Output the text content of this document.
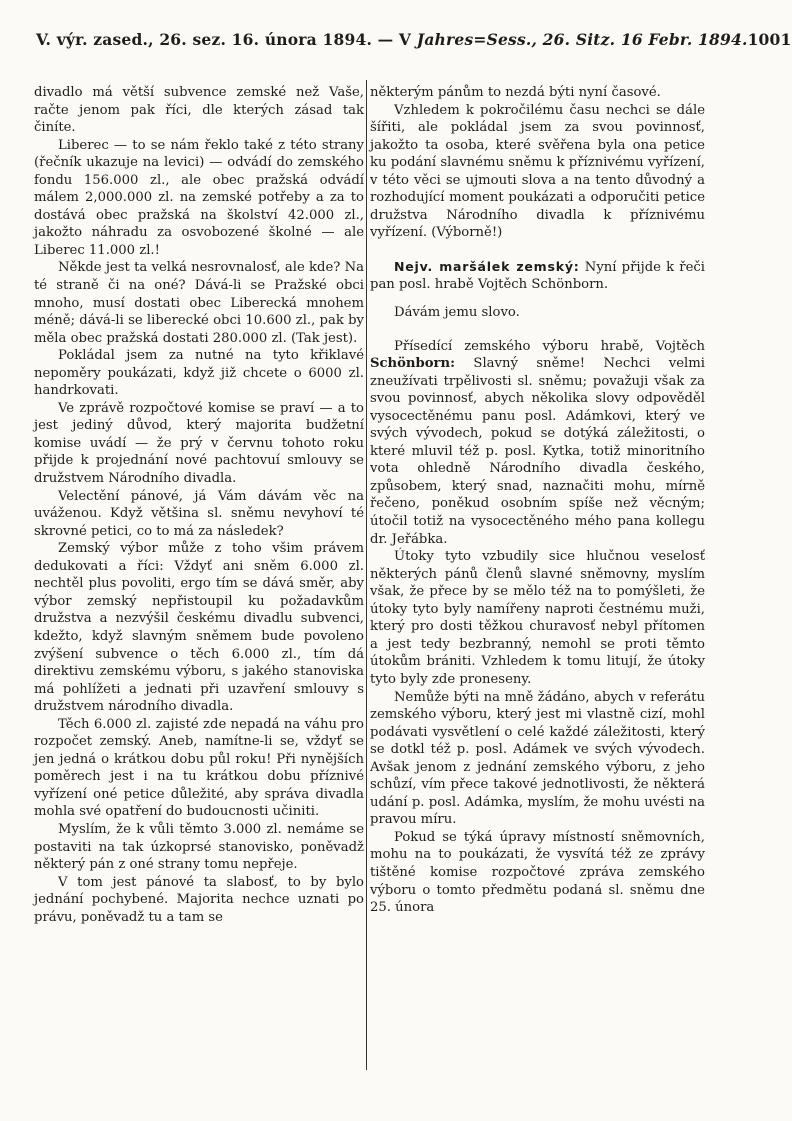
V. výr. zased., 26. sez. 16. února 1894. — V Jahres=Sess., 26. Sitz. 16 Febr. 1894. 1001

divadlo má větší subvence zemské než Vaše, račte jenom pak říci, dle kterých zásad tak činíte.

Liberec — to se nám řeklo také z této strany (řečník ukazuje na levici) — odvádí do zemského fondu 156.000 zl., ale obec pražská odvádí málem 2,000.000 zl. na zemské potřeby a za to dostává obec pražská na školství 42.000 zl., jakožto náhradu za osvobozené školné — ale Liberec 11.000 zl.!

Někde jest ta velká nesrovnalosť, ale kde? Na té straně či na oné? Dává-li se Pražské obci mnoho, musí dostati obec Liberecká mnohem méně; dává-li se liberecké obci 10.600 zl., pak by měla obec pražská dostati 280.000 zl. (Tak jest).

Pokládal jsem za nutné na tyto křiklavé nepoměry poukázati, když již chcete o 6000 zl. handrkovati.

Ve zprávě rozpočtové komise se praví — a to jest jediný důvod, který majorita budžetní komise uvádí — že prý v červnu tohoto roku přijde k projednání nové pachtovuí smlouvy se družstvem Národního divadla.

Velectění pánové, já Vám dávám věc na uváženou. Když většina sl. sněmu nevyhoví té skrovné petici, co to má za následek?

Zemský výbor může z toho všim právem dedukovati a říci: Vždyť ani sněm 6.000 zl. nechtěl plus povoliti, ergo tím se dává směr, aby výbor zemský nepřistoupil ku požadavkům družstva a nezvýšil českému divadlu subvenci, kdežto, když slavným sněmem bude povoleno zvýšení subvence o těch 6.000 zl., tím dá direktivu zemskému výboru, s jakého stanoviska má pohlížeti a jednati při uzavření smlouvy s družstvem národního divadla.

Těch 6.000 zl. zajisté zde nepadá na váhu pro rozpočet zemský. Aneb, namítne-li se, vždyť se jen jedná o krátkou dobu půl roku! Při nynějších poměrech jest i na tu krátkou dobu příznivé vyřízení oné petice důležité, aby správa divadla mohla své opatření do budoucnosti učiniti.

Myslím, že k vůli těmto 3.000 zl. nemáme se postaviti na tak úzkoprsé stanovisko, poněvadž některý pán z oné strany tomu nepřeje.

V tom jest pánové ta slabosť, to by bylo jednání pochybené. Majorita nechce uznati po právu, poněvadž tu a tam se

některým pánům to nezdá býti nyní časové.

Vzhledem k pokročilému času nechci se dále šířiti, ale pokládal jsem za svou povinnosť, jakožto ta osoba, které svěřena byla ona petice ku podání slavnému sněmu k příznivému vyřízení, v této věci se ujmouti slova a na tento důvodný a rozhodující moment poukázati a odporučiti petice družstva Národního divadla k příznivému vyřízení. (Výborně!)

Nejv. maršálek zemský: Nyní přijde k řeči pan posl. hrabě Vojtěch Schönborn.

Dávám jemu slovo.

Přísedící zemského výboru hrabě, Vojtěch Schönborn: Slavný sněme! Nechci velmi zneužívati trpělivosti sl. sněmu; považuji však za svou povinnosť, abych několika slovy odpověděl vysocectěnému panu posl. Adámkovi, který ve svých vývodech, pokud se dotýká záležitosti, o které mluvil též p. posl. Kytka, totiž minoritního vota ohledně Národního divadla českého, způsobem, který snad, naznačiti mohu, mírně řečeno, poněkud osobním spíše než věcným; útočil totiž na vysocectěného mého pana kollegu dr. Jeřábka.

Útoky tyto vzbudily sice hlučnou veselosť některých pánů členů slavné sněmovny, myslím však, že přece by se mělo též na to pomýšleti, že útoky tyto byly namířeny naproti čestnému muži, který pro dosti těžkou churavosť nebyl přítomen a jest tedy bezbranný, nemohl se proti těmto útokům brániti. Vzhledem k tomu litují, že útoky tyto byly zde proneseny.

Nemůže býti na mně žádáno, abych v referátu zemského výboru, který jest mi vlastně cizí, mohl podávati vysvětlení o celé každé záležitosti, který se dotkl též p. posl. Adámek ve svých vývodech. Avšak jenom z jednání zemského výboru, z jeho schůzí, vím přece takové jednotlivosti, že některá udání p. posl. Adámka, myslím, že mohu uvésti na pravou míru.

Pokud se týká úpravy místností sněmovních, mohu na to poukázati, že vysvítá též ze zprávy tištěné komise rozpočtové zpráva zemského výboru o tomto předmětu podaná sl. sněmu dne 25. února
